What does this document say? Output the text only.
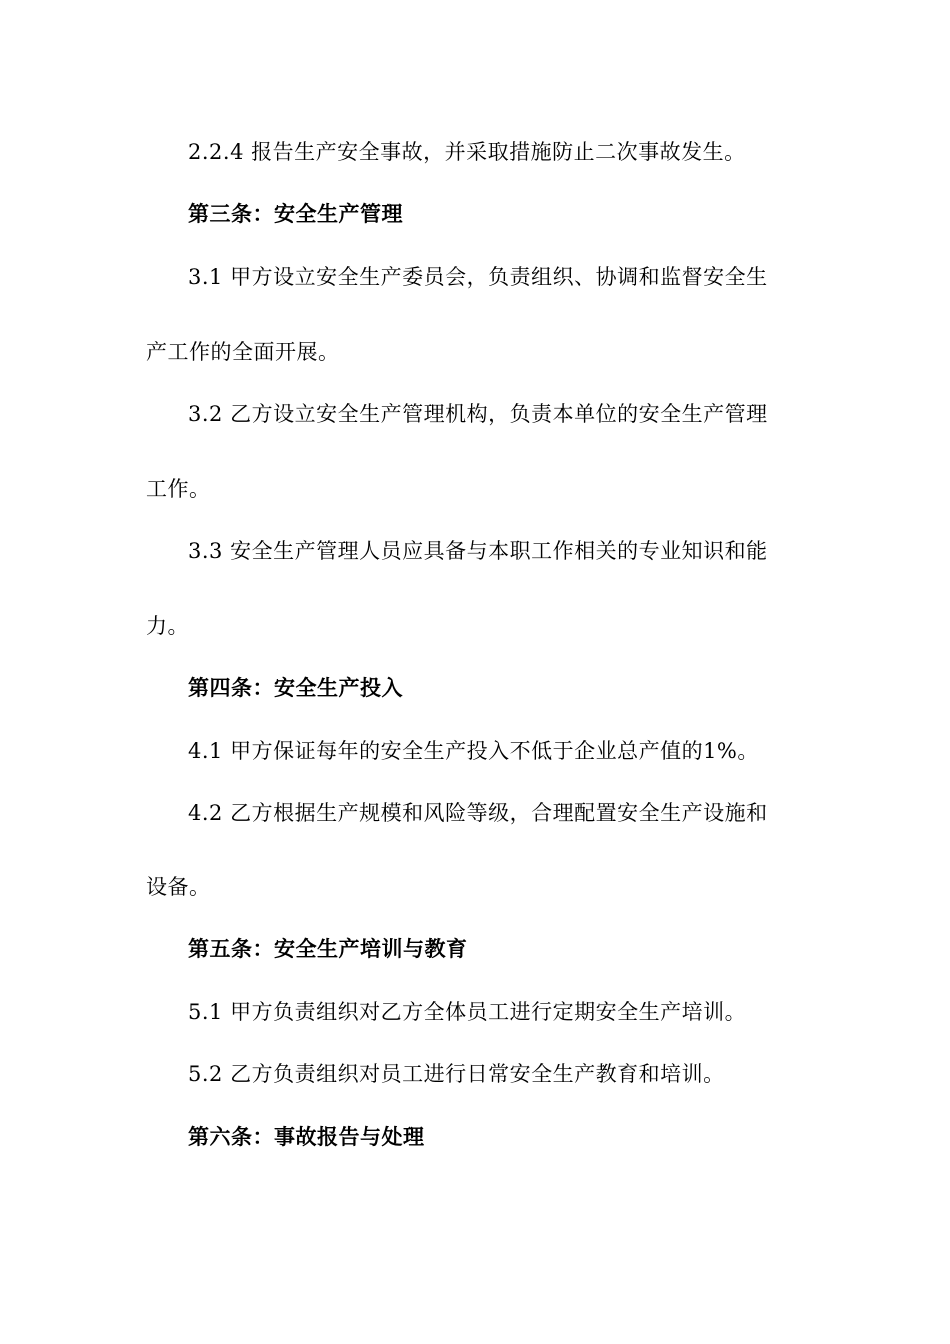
2.2.4 报告生产安全事故，并采取措施防止二次事故发生。
第三条：安全生产管理
3.1 甲方设立安全生产委员会，负责组织、协调和监督安全生
产工作的全面开展。
3.2 乙方设立安全生产管理机构，负责本单位的安全生产管理
工作。
3.3 安全生产管理人员应具备与本职工作相关的专业知识和能
力。
第四条：安全生产投入
4.1 甲方保证每年的安全生产投入不低于企业总产值的1%。
4.2 乙方根据生产规模和风险等级，合理配置安全生产设施和
设备。
第五条：安全生产培训与教育
5.1 甲方负责组织对乙方全体员工进行定期安全生产培训。
5.2 乙方负责组织对员工进行日常安全生产教育和培训。
第六条：事故报告与处理
